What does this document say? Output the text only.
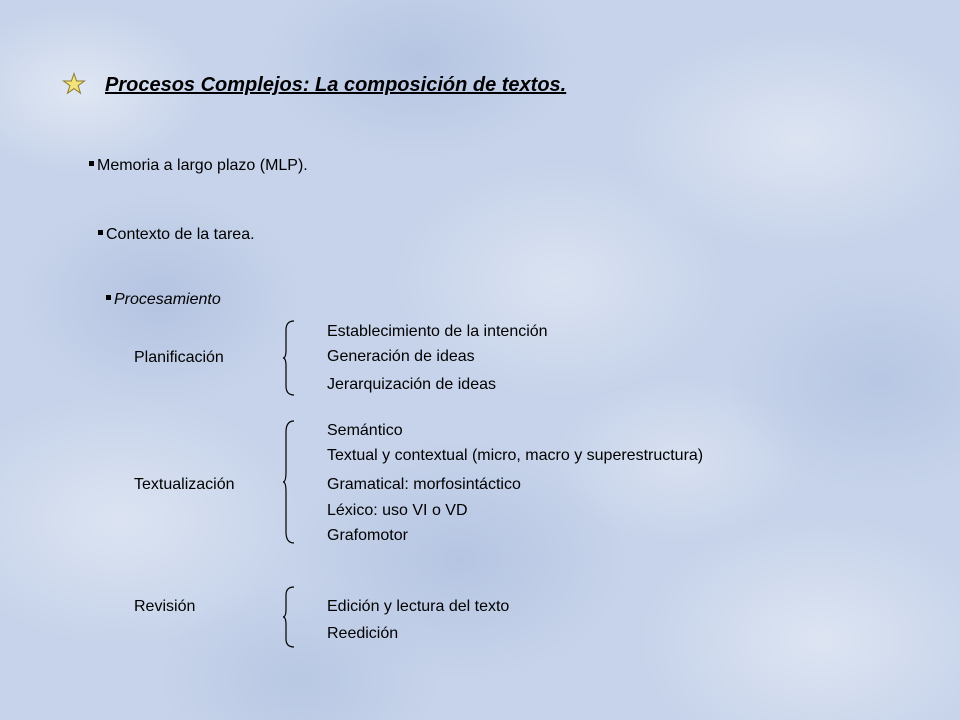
Procesos Complejos: La composición de textos.
Memoria a largo plazo (MLP).
Contexto de la tarea.
Procesamiento
Planificación
Establecimiento de la intención
Generación de ideas
Jerarquización de ideas
Textualización
Semántico
Textual y contextual (micro, macro y superestructura)
Gramatical: morfosintáctico
Léxico: uso VI o VD
Grafomotor
Revisión	Edición y lectura del texto
Reedición
